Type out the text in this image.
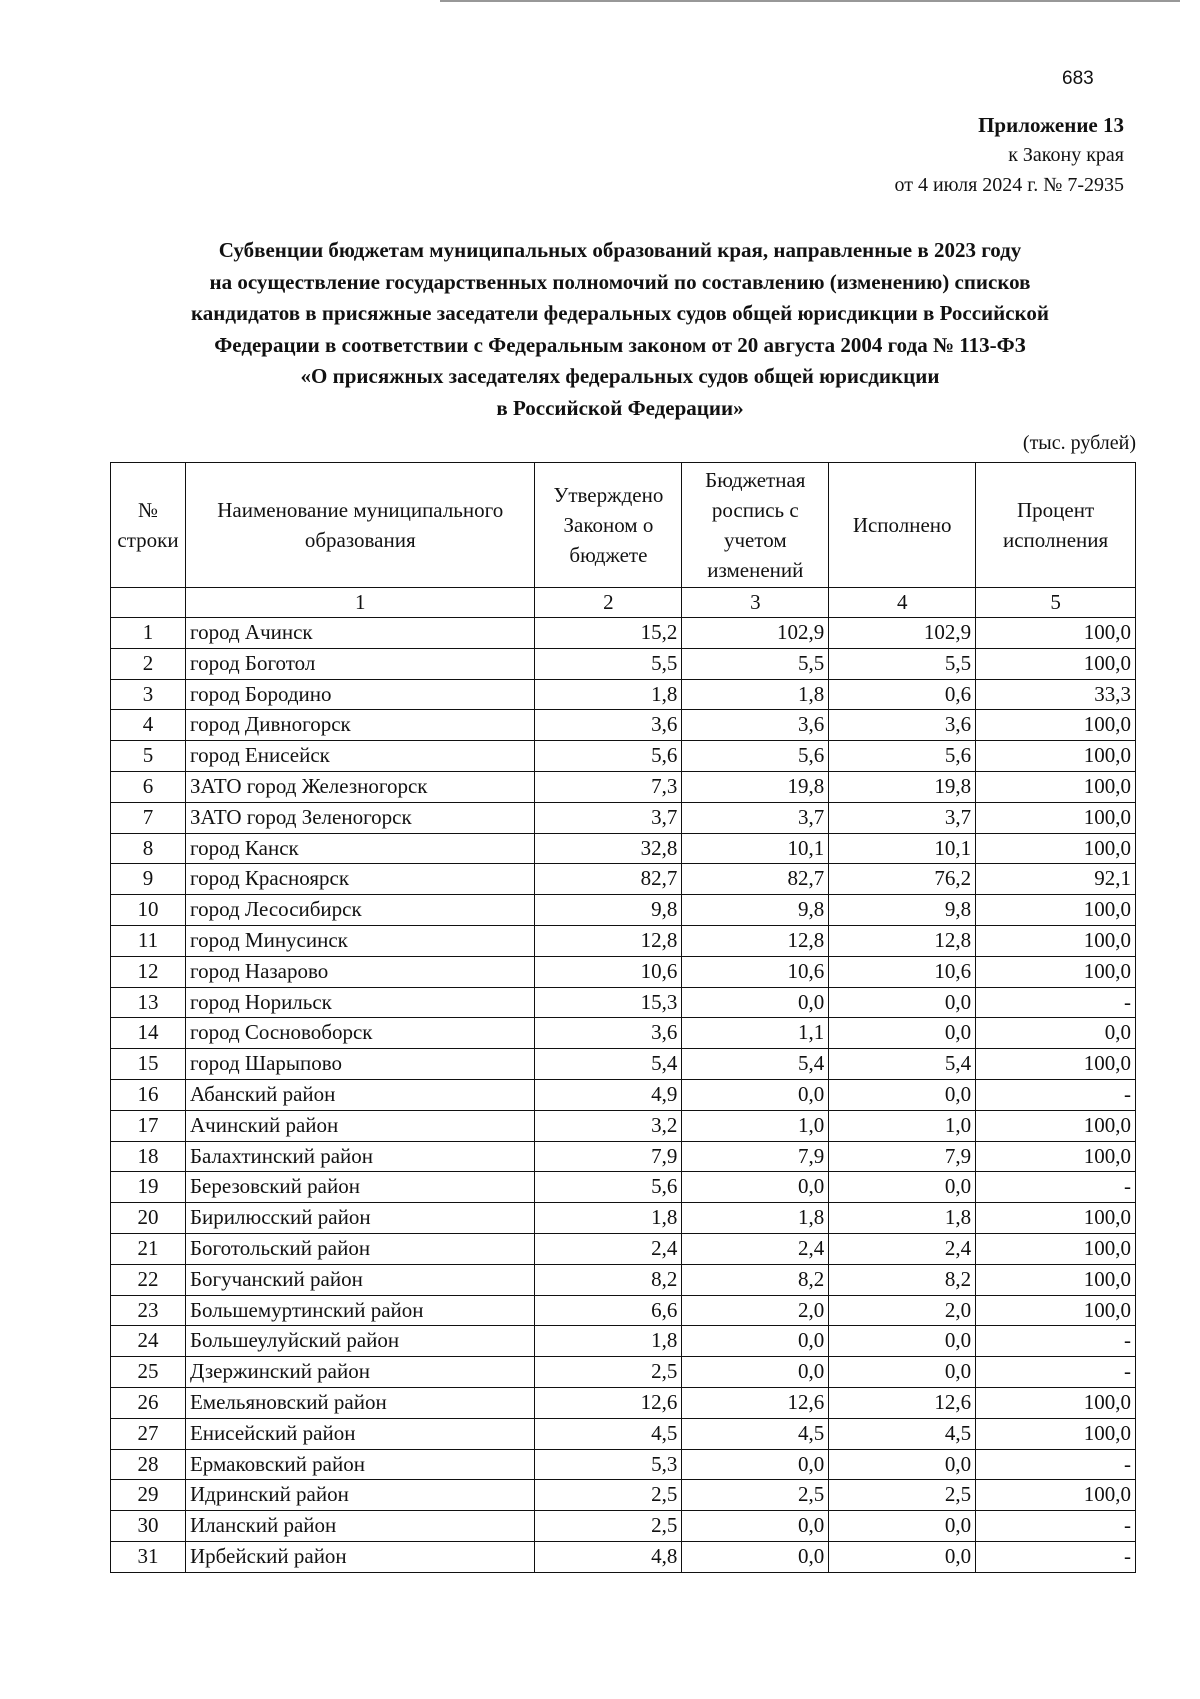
683
Приложение 13
к Закону края
от 4 июля 2024 г. № 7-2935
Субвенции бюджетам муниципальных образований края, направленные в 2023 году
на осуществление государственных полномочий по составлению (изменению) списков
кандидатов в присяжные заседатели федеральных судов общей юрисдикции в Российской
Федерации в соответствии с Федеральным законом от 20 августа 2004 года № 113-ФЗ
«О присяжных заседателях федеральных судов общей юрисдикции
в Российской Федерации»
(тыс. рублей)
№ строки	Наименование муниципального образования	Утверждено Законом о бюджете	Бюджетная роспись с учетом изменений	Исполнено	Процент исполнения
	1	2	3	4	5
1	город Ачинск	15,2	102,9	102,9	100,0
2	город Боготол	5,5	5,5	5,5	100,0
3	город Бородино	1,8	1,8	0,6	33,3
4	город Дивногорск	3,6	3,6	3,6	100,0
5	город Енисейск	5,6	5,6	5,6	100,0
6	ЗАТО город Железногорск	7,3	19,8	19,8	100,0
7	ЗАТО город Зеленогорск	3,7	3,7	3,7	100,0
8	город Канск	32,8	10,1	10,1	100,0
9	город Красноярск	82,7	82,7	76,2	92,1
10	город Лесосибирск	9,8	9,8	9,8	100,0
11	город Минусинск	12,8	12,8	12,8	100,0
12	город Назарово	10,6	10,6	10,6	100,0
13	город Норильск	15,3	0,0	0,0	-
14	город Сосновоборск	3,6	1,1	0,0	0,0
15	город Шарыпово	5,4	5,4	5,4	100,0
16	Абанский район	4,9	0,0	0,0	-
17	Ачинский район	3,2	1,0	1,0	100,0
18	Балахтинский район	7,9	7,9	7,9	100,0
19	Березовский район	5,6	0,0	0,0	-
20	Бирилюсский район	1,8	1,8	1,8	100,0
21	Боготольский район	2,4	2,4	2,4	100,0
22	Богучанский район	8,2	8,2	8,2	100,0
23	Большемуртинский район	6,6	2,0	2,0	100,0
24	Большеулуйский район	1,8	0,0	0,0	-
25	Дзержинский район	2,5	0,0	0,0	-
26	Емельяновский район	12,6	12,6	12,6	100,0
27	Енисейский район	4,5	4,5	4,5	100,0
28	Ермаковский район	5,3	0,0	0,0	-
29	Идринский район	2,5	2,5	2,5	100,0
30	Иланский район	2,5	0,0	0,0	-
31	Ирбейский район	4,8	0,0	0,0	-
